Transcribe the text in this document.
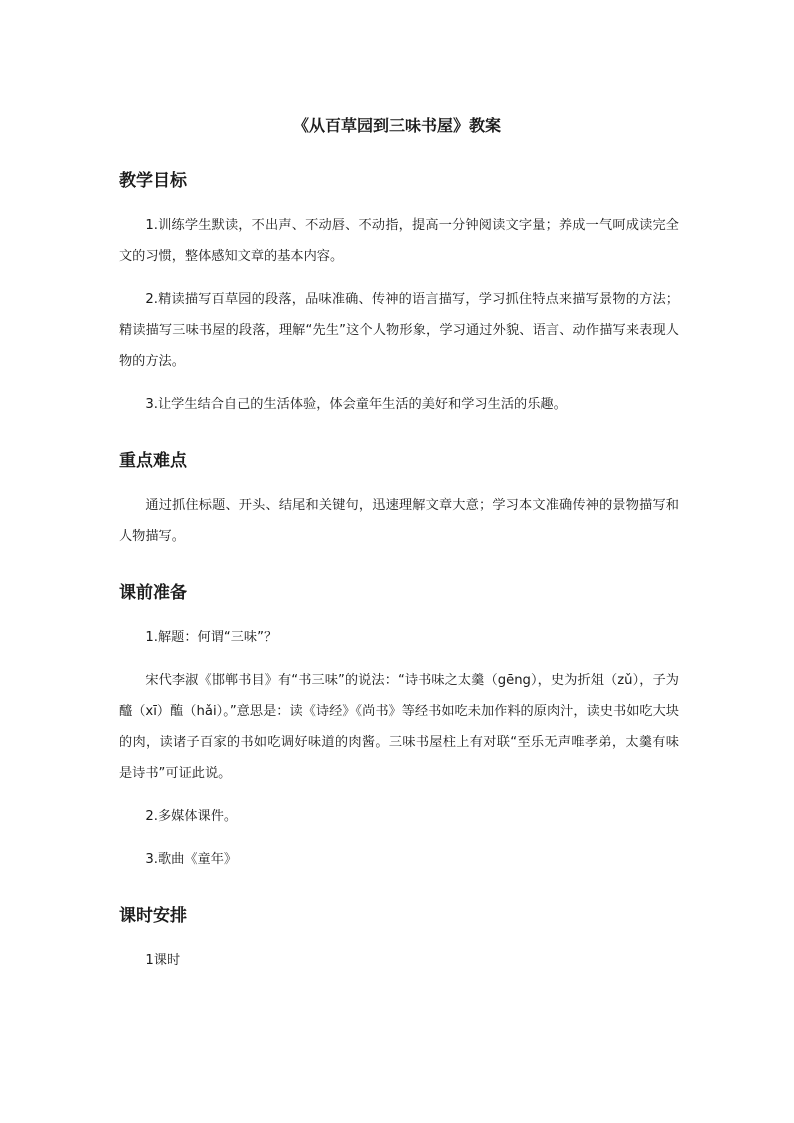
《从百草园到三味书屋》教案
教学目标

1.训练学生默读，不出声、不动唇、不动指，提高一分钟阅读文字量；养成一气呵成读完全文的习惯，整体感知文章的基本内容。

2.精读描写百草园的段落，品味准确、传神的语言描写，学习抓住特点来描写景物的方法；精读描写三味书屋的段落，理解“先生”这个人物形象，学习通过外貌、语言、动作描写来表现人物的方法。

3.让学生结合自己的生活体验，体会童年生活的美好和学习生活的乐趣。

重点难点

通过抓住标题、开头、结尾和关键句，迅速理解文章大意；学习本文准确传神的景物描写和人物描写。

课前准备

1.解题：何谓“三味”？

宋代李淑《邯郸书目》有“书三味”的说法：“诗书味之太羹（gēng），史为折俎（zǔ），子为醯（xī）醢（hǎi）。”意思是：读《诗经》《尚书》等经书如吃未加作料的原肉汁，读史书如吃大块的肉，读诸子百家的书如吃调好味道的肉酱。三味书屋柱上有对联“至乐无声唯孝弟，太羹有味是诗书”可证此说。

2.多媒体课件。

3.歌曲《童年》

课时安排

1课时
